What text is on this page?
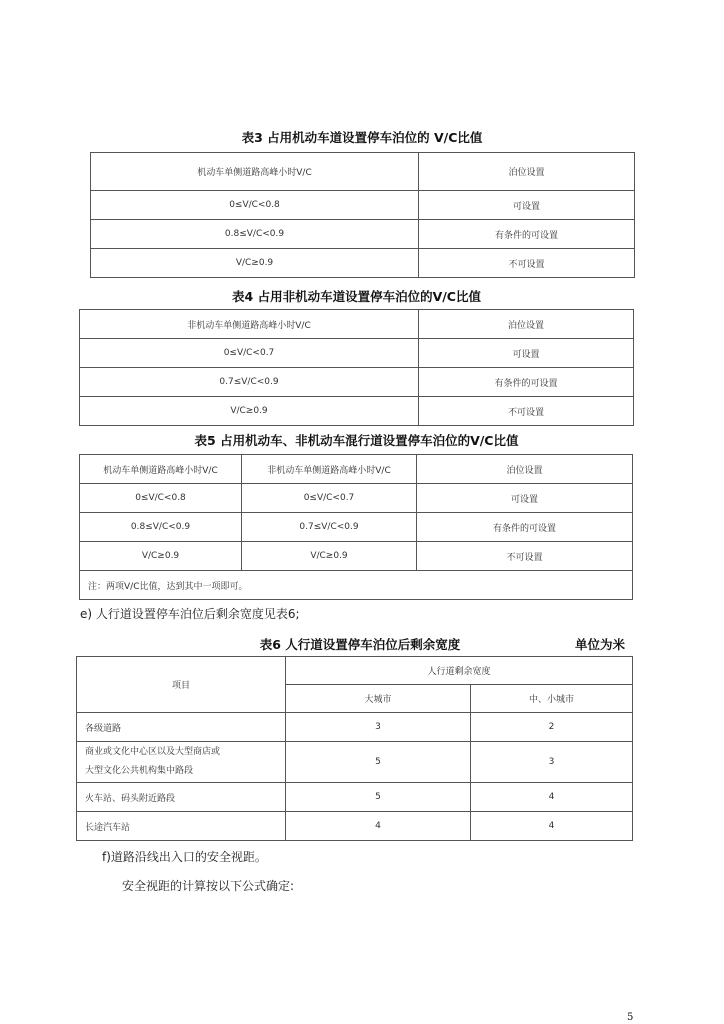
表3 占用机动车道设置停车泊位的 V/C比值
机动车单侧道路高峰小时V/C	泊位设置
0≤V/C<0.8	可设置
0.8≤V/C<0.9	有条件的可设置
V/C≥0.9	不可设置
表4 占用非机动车道设置停车泊位的V/C比值
非机动车单侧道路高峰小时V/C	泊位设置
0≤V/C<0.7	可设置
0.7≤V/C<0.9	有条件的可设置
V/C≥0.9	不可设置
表5 占用机动车、非机动车混行道设置停车泊位的V/C比值
机动车单侧道路高峰小时V/C	非机动车单侧道路高峰小时V/C	泊位设置
0≤V/C<0.8	0≤V/C<0.7	可设置
0.8≤V/C<0.9	0.7≤V/C<0.9	有条件的可设置
V/C≥0.9	V/C≥0.9	不可设置
注：两项V/C比值，达到其中一项即可。		
e) 人行道设置停车泊位后剩余宽度见表6;
表6 人行道设置停车泊位后剩余宽度	单位为米
项目	人行道剩余宽度	
	大城市	中、小城市
各级道路	3	2
商业或文化中心区以及大型商店或
大型文化公共机构集中路段	5	3
火车站、码头附近路段	5	4
长途汽车站	4	4
f)道路沿线出入口的安全视距。
安全视距的计算按以下公式确定:
5
